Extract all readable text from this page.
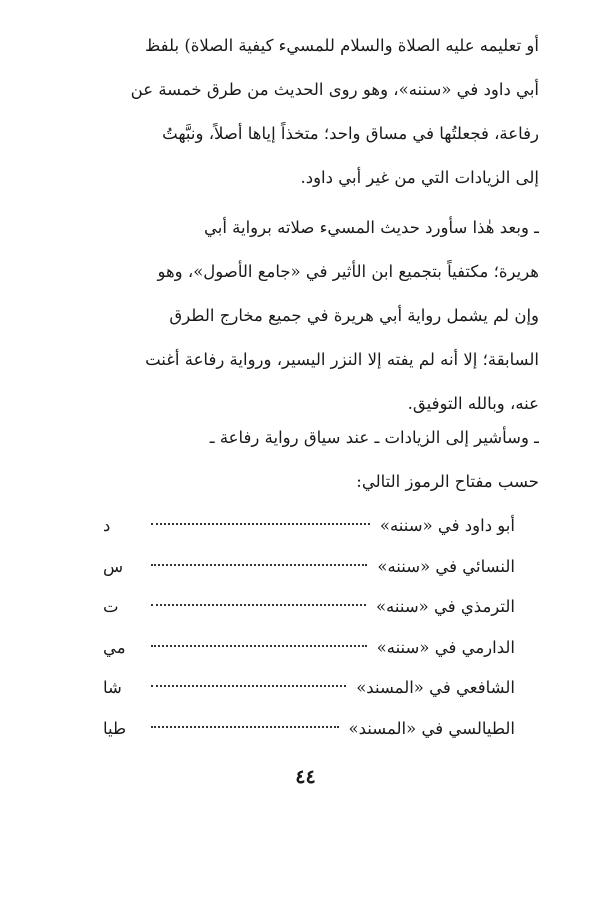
أو تعليمه عليه الصلاة والسلام للمسيء كيفية الصلاة) بلفظ
أبي داود في «سننه»، وهو روى الحديث من طرق خمسة عن
رفاعة، فجعلتُها في مساق واحد؛ متخذاً إياها أصلاً، ونبَّهتُ
إلى الزيادات التي من غير أبي داود.
ـ وبعد هٰذا سأورد حديث المسيء صلاته برواية أبي
هريرة؛ مكتفياً بتجميع ابن الأثير في «جامع الأصول»، وهو
وإن لم يشمل رواية أبي هريرة في جميع مخارج الطرق
السابقة؛ إلا أنه لم يفته إلا النزر اليسير، ورواية رفاعة أغنت
عنه، وبالله التوفيق.
ـ وسأشير إلى الزيادات ـ عند سياق رواية رفاعة ـ
حسب مفتاح الرموز التالي:
أبو داود في «سننه»
د
النسائي في «سننه»
س
الترمذي في «سننه»
ت
الدارمي في «سننه»
مي
الشافعي في «المسند»
شا
الطيالسي في «المسند»
طيا
٤٤
